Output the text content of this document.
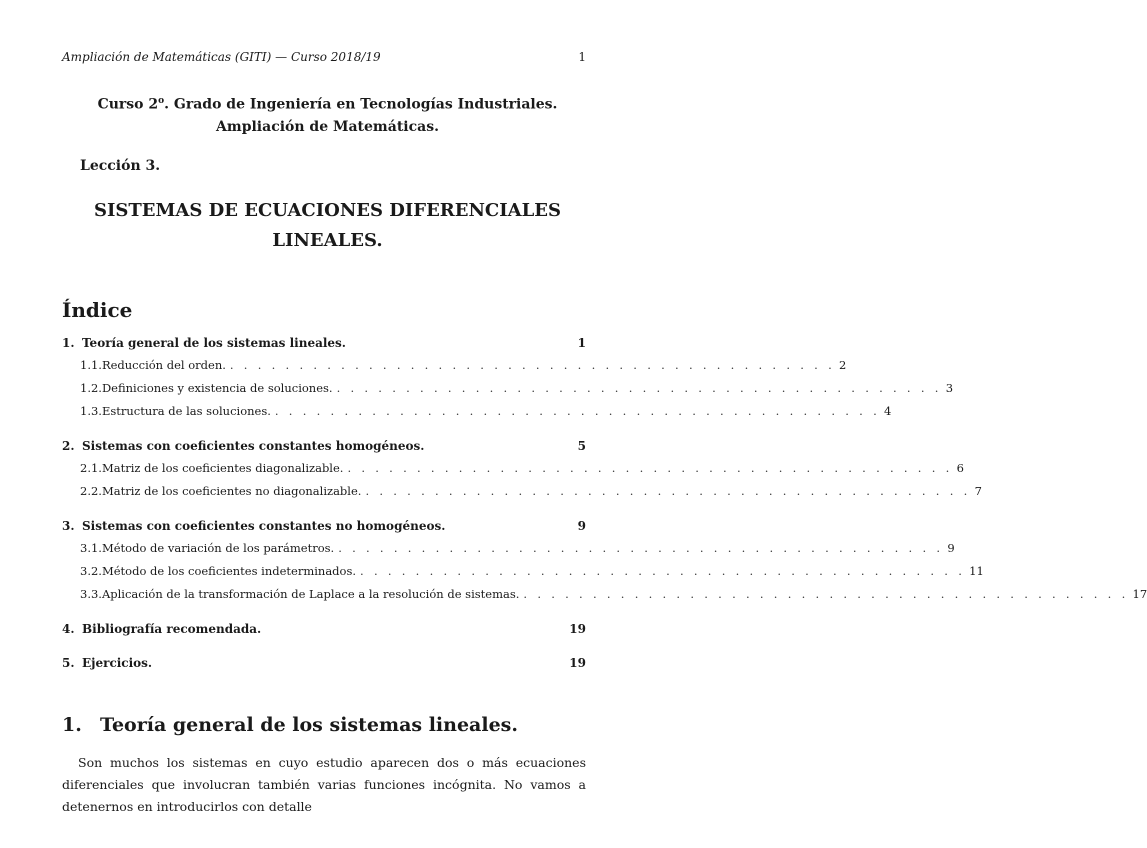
Ampliación de Matemáticas (GITI) — Curso 2018/19	1
Curso 2$^o$. Grado de Ingeniería en Tecnologías Industriales.
Ampliación de Matemáticas.
Lección 3.
SISTEMAS DE ECUACIONES DIFERENCIALES
LINEALES.
Índice
1. Teoría general de los sistemas lineales.	1
1.1. Reducción del orden. . . . . . . . . . . . . . . . . . . . . . . . . . . . . . . . . . . . . . . . . . . . . 2
1.2. Definiciones y existencia de soluciones. . . . . . . . . . . . . . . . . . . . . . . . . . . . . . . . . . . . . . . . . . . . . 3
1.3. Estructura de las soluciones. . . . . . . . . . . . . . . . . . . . . . . . . . . . . . . . . . . . . . . . . . . . . 4
2. Sistemas con coeficientes constantes homogéneos.	5
2.1. Matriz de los coeficientes diagonalizable. . . . . . . . . . . . . . . . . . . . . . . . . . . . . . . . . . . . . . . . . . . . . 6
2.2. Matriz de los coeficientes no diagonalizable. . . . . . . . . . . . . . . . . . . . . . . . . . . . . . . . . . . . . . . . . . . . . 7
3. Sistemas con coeficientes constantes no homogéneos.	9
3.1. Método de variación de los parámetros. . . . . . . . . . . . . . . . . . . . . . . . . . . . . . . . . . . . . . . . . . . . . 9
3.2. Método de los coeficientes indeterminados. . . . . . . . . . . . . . . . . . . . . . . . . . . . . . . . . . . . . . . . . . . . . 11
3.3. Aplicación de la transformación de Laplace a la resolución de sistemas. . . . . . . . . . . . . . . . . . . . . . . . . . . . . . . . . . . . . . . . . . . . . 17
4. Bibliografía recomendada.	19
5. Ejercicios.	19
1. Teoría general de los sistemas lineales.
Son muchos los sistemas en cuyo estudio aparecen dos o más ecuaciones diferenciales que involucran también varias funciones incógnita. No vamos a detenernos en introducirlos con detalle
